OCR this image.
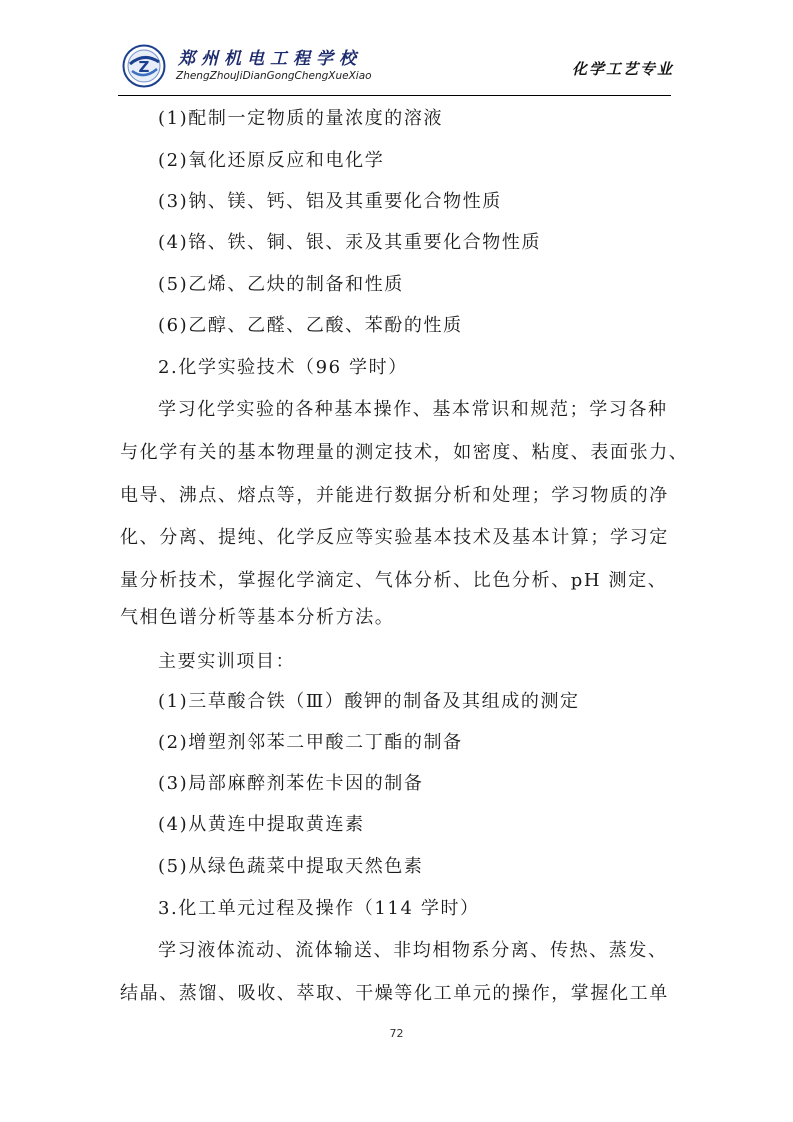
Z 郑州机电工程学校
ZhengZhouJiDianGongChengXueXiao	化学工艺专业
(1)配制一定物质的量浓度的溶液
(2)氧化还原反应和电化学
(3)钠、镁、钙、铝及其重要化合物性质
(4)铬、铁、铜、银、汞及其重要化合物性质
(5)乙烯、乙炔的制备和性质
(6)乙醇、乙醛、乙酸、苯酚的性质
2.化学实验技术（96 学时）
学习化学实验的各种基本操作、基本常识和规范；学习各种
与化学有关的基本物理量的测定技术，如密度、粘度、表面张力、
电导、沸点、熔点等，并能进行数据分析和处理；学习物质的净
化、分离、提纯、化学反应等实验基本技术及基本计算；学习定
量分析技术，掌握化学滴定、气体分析、比色分析、pH 测定、
气相色谱分析等基本分析方法。
主要实训项目：
(1)三草酸合铁（Ⅲ）酸钾的制备及其组成的测定
(2)增塑剂邻苯二甲酸二丁酯的制备
(3)局部麻醉剂苯佐卡因的制备
(4)从黄连中提取黄连素
(5)从绿色蔬菜中提取天然色素
3.化工单元过程及操作（114 学时）
学习液体流动、流体输送、非均相物系分离、传热、蒸发、
结晶、蒸馏、吸收、萃取、干燥等化工单元的操作，掌握化工单
72
